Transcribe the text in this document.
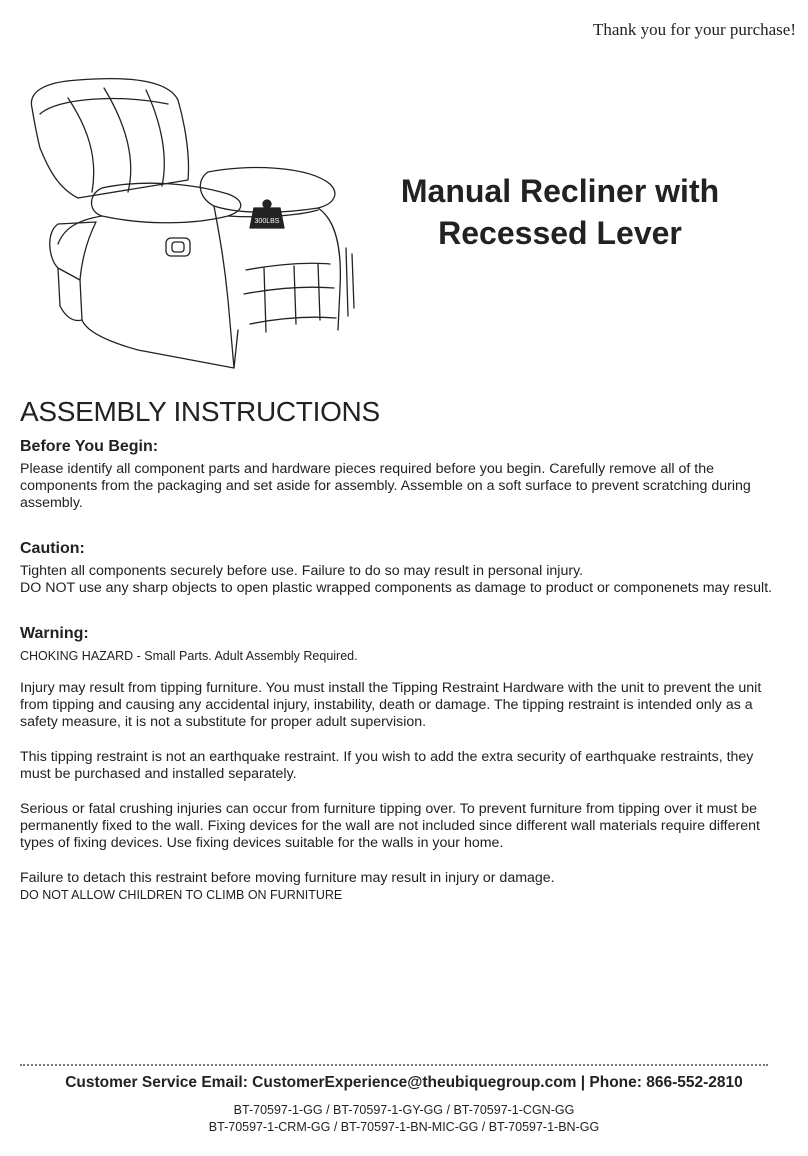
Thank you for your purchase!
300LBS
Manual Recliner with
Recessed Lever
ASSEMBLY INSTRUCTIONS
Before You Begin:

Please identify all component parts and hardware pieces required before you begin. Carefully remove all of the components from the packaging and set aside for assembly. Assemble on a soft surface to prevent scratching during assembly.

Caution:

Tighten all components securely before use. Failure to do so may result in personal injury.

DO NOT use any sharp objects to open plastic wrapped components as damage to product or componenets may result.

Warning:

CHOKING HAZARD - Small Parts. Adult Assembly Required.

Injury may result from tipping furniture. You must install the Tipping Restraint Hardware with the unit to prevent the unit from tipping and causing any accidental injury, instability, death or damage. The tipping restraint is intended only as a safety measure, it is not a substitute for proper adult supervision.

This tipping restraint is not an earthquake restraint. If you wish to add the extra security of earthquake restraints, they must be purchased and installed separately.

Serious or fatal crushing injuries can occur from furniture tipping over. To prevent furniture from tipping over it must be permanently fixed to the wall. Fixing devices for the wall are not included since different wall materials require different types of fixing devices. Use fixing devices suitable for the walls in your home.

Failure to detach this restraint before moving furniture may result in injury or damage.

DO NOT ALLOW CHILDREN TO CLIMB ON FURNITURE

Customer Service Email: CustomerExperience@theubiquegroup.com | Phone: 866-552-2810
BT-70597-1-GG / BT-70597-1-GY-GG / BT-70597-1-CGN-GG
BT-70597-1-CRM-GG / BT-70597-1-BN-MIC-GG / BT-70597-1-BN-GG
